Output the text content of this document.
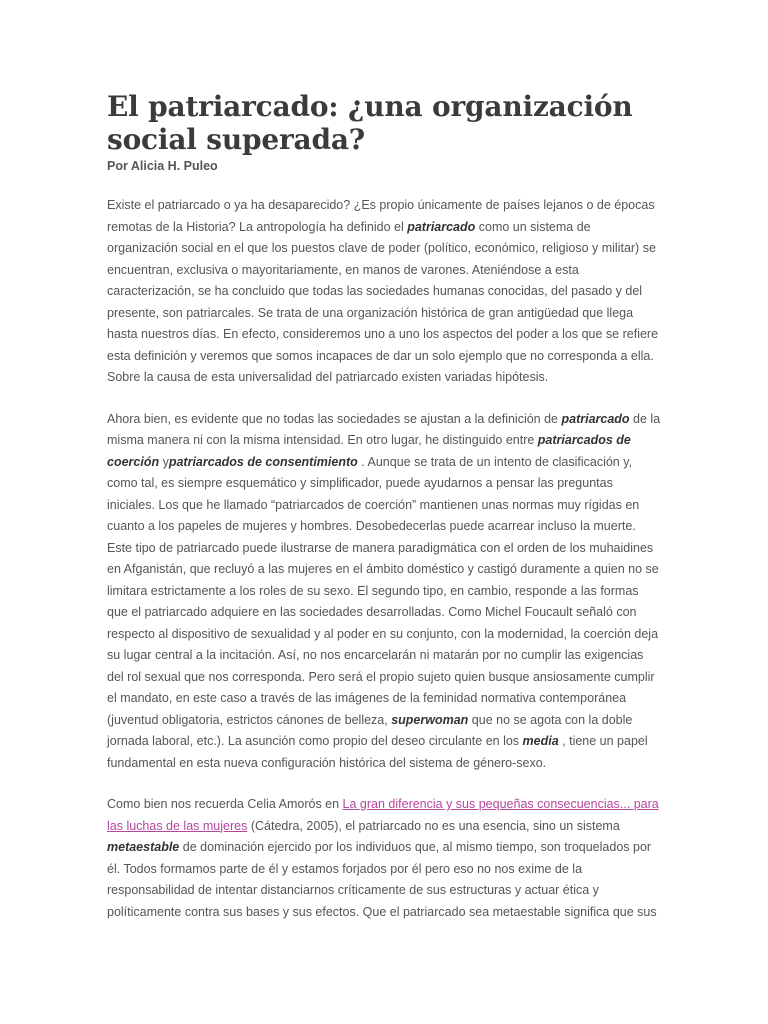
El patriarcado: ¿una organización social superada?
Por Alicia H. Puleo

Existe el patriarcado o ya ha desaparecido? ¿Es propio únicamente de países lejanos o de épocas remotas de la Historia? La antropología ha definido el patriarcado como un sistema de organización social en el que los puestos clave de poder (político, económico, religioso y militar) se encuentran, exclusiva o mayoritariamente, en manos de varones. Ateniéndose a esta caracterización, se ha concluido que todas las sociedades humanas conocidas, del pasado y del presente, son patriarcales. Se trata de una organización histórica de gran antigüedad que llega hasta nuestros días. En efecto, consideremos uno a uno los aspectos del poder a los que se refiere esta definición y veremos que somos incapaces de dar un solo ejemplo que no corresponda a ella. Sobre la causa de esta universalidad del patriarcado existen variadas hipótesis.

Ahora bien, es evidente que no todas las sociedades se ajustan a la definición de patriarcado de la misma manera ni con la misma intensidad. En otro lugar, he distinguido entre patriarcados de coerción ypatriarcados de consentimiento . Aunque se trata de un intento de clasificación y, como tal, es siempre esquemático y simplificador, puede ayudarnos a pensar las preguntas iniciales. Los que he llamado “patriarcados de coerción” mantienen unas normas muy rígidas en cuanto a los papeles de mujeres y hombres. Desobedecerlas puede acarrear incluso la muerte. Este tipo de patriarcado puede ilustrarse de manera paradigmática con el orden de los muhaidines en Afganistán, que recluyó a las mujeres en el ámbito doméstico y castigó duramente a quien no se limitara estrictamente a los roles de su sexo. El segundo tipo, en cambio, responde a las formas que el patriarcado adquiere en las sociedades desarrolladas. Como Michel Foucault señaló con respecto al dispositivo de sexualidad y al poder en su conjunto, con la modernidad, la coerción deja su lugar central a la incitación. Así, no nos encarcelarán ni matarán por no cumplir las exigencias del rol sexual que nos corresponda. Pero será el propio sujeto quien busque ansiosamente cumplir el mandato, en este caso a través de las imágenes de la feminidad normativa contemporánea (juventud obligatoria, estrictos cánones de belleza, superwoman que no se agota con la doble jornada laboral, etc.). La asunción como propio del deseo circulante en los media , tiene un papel fundamental en esta nueva configuración histórica del sistema de género-sexo.

Como bien nos recuerda Celia Amorós en La gran diferencia y sus pequeñas consecuencias... para las luchas de las mujeres (Cátedra, 2005), el patriarcado no es una esencia, sino un sistema metaestable de dominación ejercido por los individuos que, al mismo tiempo, son troquelados por él. Todos formamos parte de él y estamos forjados por él pero eso no nos exime de la responsabilidad de intentar distanciarnos críticamente de sus estructuras y actuar ética y políticamente contra sus bases y sus efectos. Que el patriarcado sea metaestable significa que sus
